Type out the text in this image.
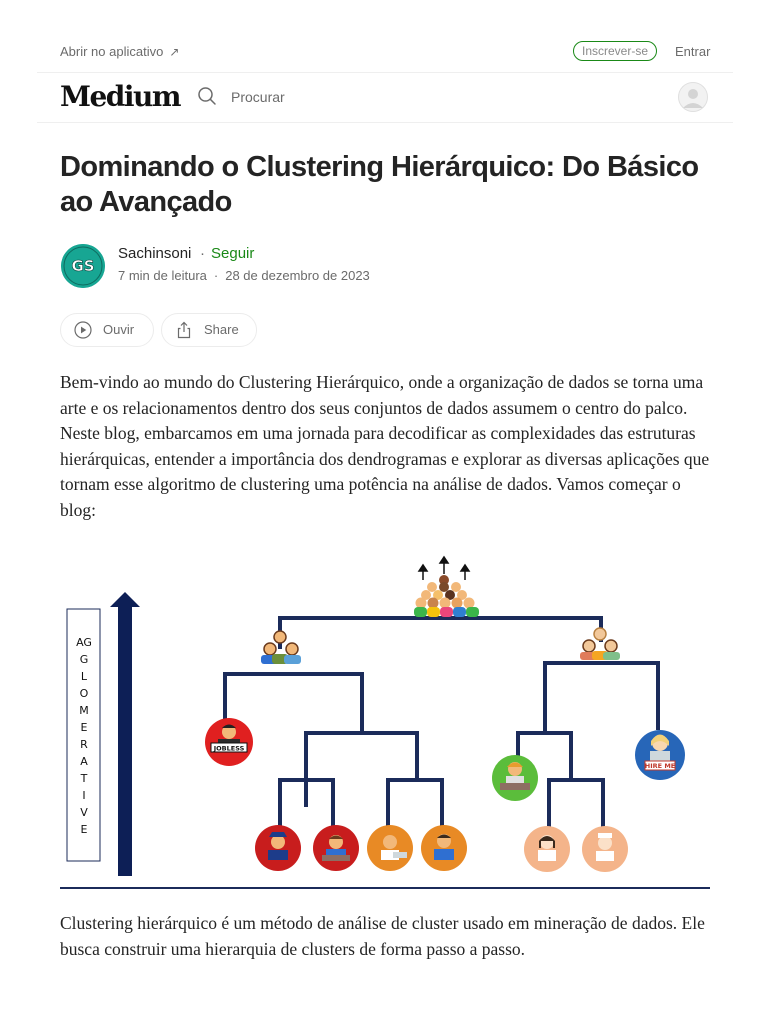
Abrir no aplicativo ↗	Inscrever-se	Entrar
Medium	Procurar
Dominando o Clustering Hierárquico: Do Básico ao Avançado
GS
Sachinsoni · Seguir
7 min de leitura · 28 de dezembro de 2023
Ouvir	Share

Bem-vindo ao mundo do Clustering Hierárquico, onde a organização de dados se torna uma arte e os relacionamentos dentro dos seus conjuntos de dados assumem o centro do palco. Neste blog, embarcamos em uma jornada para decodificar as complexidades das estruturas hierárquicas, entender a importância dos dendrogramas e explorar as diversas aplicações que tornam esse algoritmo de clustering uma potência na análise de dados. Vamos começar o blog:

AG
G
L
O
M
E
R
A
T
I
V
E
JOBLESS
HIRE ME

Clustering hierárquico é um método de análise de cluster usado em mineração de dados. Ele busca construir uma hierarquia de clusters de forma passo a passo.
